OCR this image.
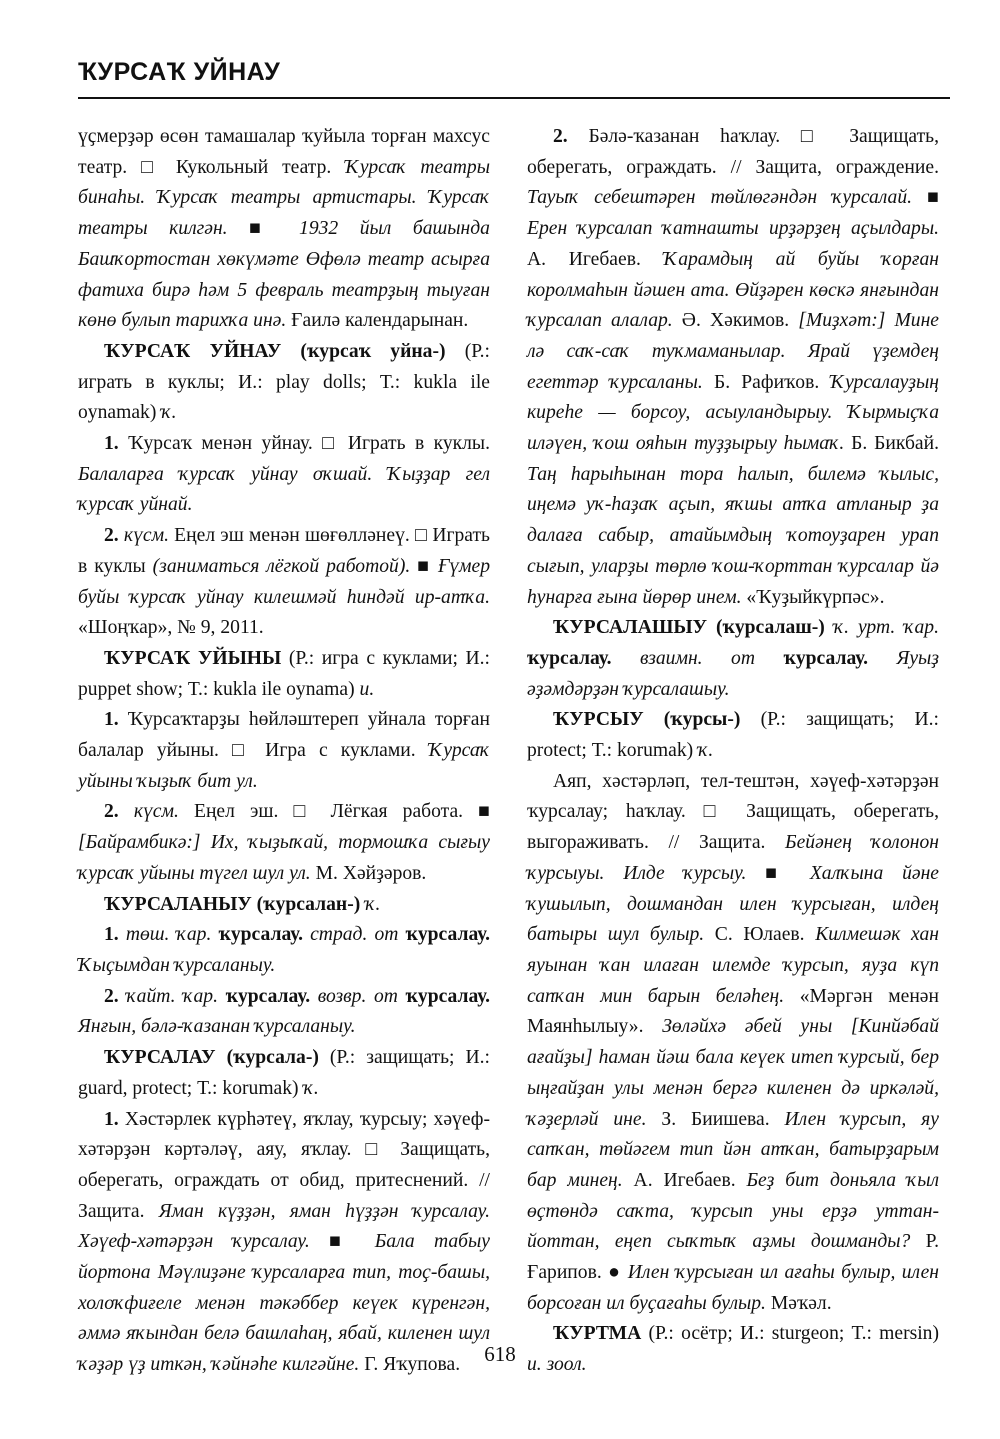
ҠУРСАҠ УЙНАУ

үҫмерҙәр өсөн тамашалар ҡуйыла торған махсус театр. □ Кукольный театр. Ҡурсаҡ театры бинаһы. Ҡурсаҡ театры артистары. Ҡурсаҡ театры килгән. ■ 1932 йыл башында Башҡортостан хөкүмәте Өфөлә театр асырға фатиха бирә һәм 5 февраль театрҙың тыуған көнө булып тарихҡа инә. Ғаилә календарынан.

ҠУРСАҠ УЙНАУ (ҡурсаҡ уйна-) (Р.: играть в куклы; И.: play dolls; Т.: kukla ile oynamak) ҡ.

1. Ҡурсаҡ менән уйнау. □ Играть в куклы. Балаларға ҡурсаҡ уйнау оҡшай. Ҡыҙҙар гел ҡурсаҡ уйнай.

2. күсм. Еңел эш менән шөғөлләнеү. □ Играть в куклы (заниматься лёгкой работой). ■ Ғүмер буйы ҡурсаҡ уйнау килешмәй һиндәй ир-атҡа. «Шоңҡар», № 9, 2011.

ҠУРСАҠ УЙЫНЫ (Р.: игра с куклами; И.: puppet show; Т.: kukla ile oynama) и.

1. Ҡурсаҡтарҙы һөйләштереп уйнала торған балалар уйыны. □ Игра с куклами. Ҡурсаҡ уйыны ҡыҙыҡ бит ул.

2. күсм. Еңел эш. □ Лёгкая работа. ■ [Байрамбикә:] Их, ҡыҙыҡай, тормошҡа сығыу ҡурсаҡ уйыны түгел шул ул. М. Хәйҙәров.

ҠУРСАЛАНЫУ (ҡурсалан-) ҡ.

1. төш. ҡар. ҡурсалау. страд. от ҡурсалау. Ҡыҫымдан ҡурсаланыу.

2. ҡайт. ҡар. ҡурсалау. возвр. от ҡурсалау. Янғын, бәлә-ҡазанан ҡурсаланыу.

ҠУРСАЛАУ (ҡурсала-) (Р.: защищать; И.: guard, protect; Т.: korumak) ҡ.

1. Хәстәрлек күрһәтеү, яҡлау, ҡурсыу; хәүеф-хәтәрҙән кәртәләү, аяу, яҡлау. □ Защищать, оберегать, ограждать от обид, притеснений. // Защита. Яман күҙҙән, яман һүҙҙән ҡурсалау. Хәүеф-хәтәрҙән ҡурсалау. ■ Бала табыу йортона Мәүлиҙәне ҡурсаларға тип, тоҫ-башы, холоҡфиғеле менән тәкәббер кеүек күренгән, әммә яҡындан белә башлаһаң, ябай, киленен шул ҡәҙәр үҙ иткән, ҡәйнәһе килгәйне. Г. Яҡупова.

2. Бәлә-ҡазанан һаҡлау. □ Защищать, оберегать, ограждать. // Защита, ограждение. Тауыҡ себештәрен төйлөгәндән ҡурсалай. ■ Ерен ҡурсалап ҡатнашты ирҙәрҙең аҫылдары. А. Игебаев. Ҡарамдың ай буйы ҡорған королмаһын йәшен ата. Өйҙәрен көскә янғындан ҡурсалап алалар. Ә. Хәкимов. [Миҙхәт:] Мине лә саҡ-саҡ туҡмаманылар. Ярай үҙемдең егеттәр ҡурсаланы. Б. Рафиҡов. Ҡурсалауҙың киреһе — борсоу, асыуландырыу. Ҡырмыҫҡа иләүен, ҡош ояһын туҙҙырыу һымаҡ. Б. Бикбай. Таң һарыһынан тора һалып, билемә ҡылыс, иңемә уҡ-һаҙаҡ аҫып, яҡшы атҡа атланыр ҙа далаға сабыр, атайымдың ҡотоуҙарен урап сығып, уларҙы төрлө ҡош-ҡорттан ҡурсалар йә һунарға ғына йөрөр инем. «Ҡуҙыйкүрпәс».

ҠУРСАЛАШЫУ (ҡурсалаш-) ҡ. урт. ҡар. ҡурсалау. взаимн. от ҡурсалау. Яуыҙ әҙәмдәрҙән ҡурсалашыу.

ҠУРСЫУ (ҡурсы-) (Р.: защищать; И.: protect; Т.: korumak) ҡ.

Аяп, хәстәрләп, тел-тештән, хәүеф-хәтәрҙән ҡурсалау; һаҡлау. □ Защищать, оберегать, выгораживать. // Защита. Бейәнең ҡолонон ҡурсыуы. Илде ҡурсыу. ■ Халҡына йәне ҡушылып, дошмандан илен ҡурсыған, илдең батыры шул булыр. С. Юлаев. Килмешәк хан яуынан ҡан илаған илемде ҡурсып, яуҙа күп сапҡан мин барын беләһең. «Мәргән менән Маянһылыу». Зөләйхә әбей уны [Кинйәбай ағайҙы] һаман йәш бала кеүек итеп ҡурсый, бер ыңғайҙан улы менән бергә киленен дә иркәләй, ҡәҙерләй ине. З. Биишева. Илен ҡурсып, яу сапҡан, төйәгем тип йән атҡан, батырҙарым бар минең. А. Игебаев. Беҙ бит доньяла ҡыл өҫтөндә саҡта, ҡурсып уны ерҙә уттан-йоттан, еңеп сыҡтыҡ аҙмы дошманды? Р. Ғарипов. ● Илен ҡурсыған ил ағаһы булыр, илен борсоған ил буҫағаһы булыр. Мәҡәл.

ҠУРТМА (Р.: осётр; И.: sturgeon; Т.: mersin) и. зоол.

618
